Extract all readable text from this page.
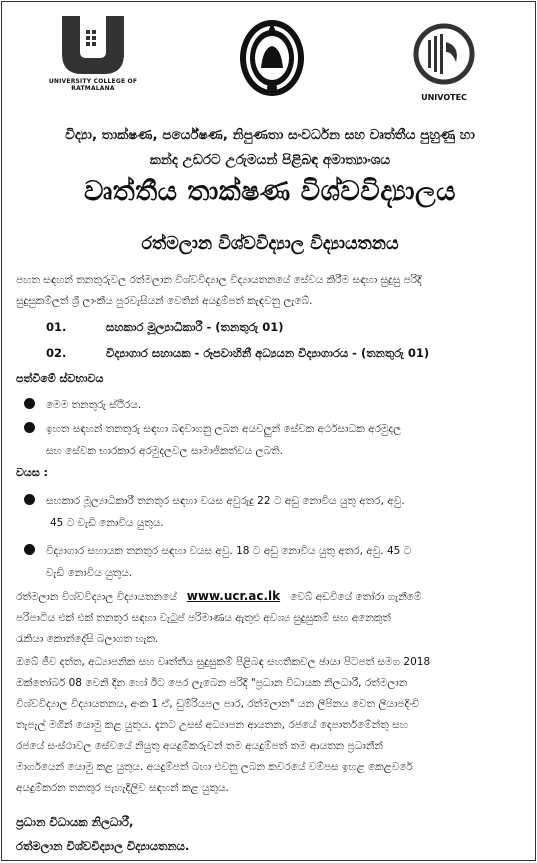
UNIVERSITY COLLEGE OF
RATMALANA
UNIVOTEC
විද්‍යා, තාක්ෂණ, පර්යේෂණ, නිපුණතා සංවර්ධන සහ වෘත්තීය පුහුණු හා
කන්ද උඩරට උරුමයන් පිළිබඳ අමාත්‍යාංශය
වෘත්තීය තාක්ෂණ විශ්වවිද්‍යාලය
රත්මලාන විශ්වවිද්‍යාල විද්‍යායතනය
පහත සඳහන් තනතුරුවල රත්මලාන විශ්වවිද්‍යාල විද්‍යායතනයේ සේවය කිරීම සඳහා සුදුසු පරිදි
සුදුසුකම්ලත් ශ්‍රී ලාංකීය පුරවැසියන් වෙතින් අයදුම්පත් කැඳවනු ලැබේ.
01.	සහකාර මූල්‍යාධිකාරී - (තනතුරු 01)
02.	විද්‍යාගාර සහායක - රූපවාහිනී අධ්‍යයන විද්‍යාගාරය - (තනතුරු 01)
පත්වීමේ ස්වභාවය
මෙම තනතුරු ස්ථිරය.
ඉහත සඳහන් තනතුරු සඳහා බඳවාගනු ලබන අයවලුන් සේවක අර්ථසාධක අරමුදල
සහ සේවක භාරකාර අරමුදලවල සාමාජිකත්වය ලබති.
වයස :
සහකාර මූල්‍යාධිකාරී තනතුර සඳහා වයස අවුරුදු 22 ට අඩු නොවිය යුතු අතර, අවු.
45 ට වැඩි නොවිය යුතුය.
විද්‍යාගාර සහායක තනතුර සඳහා වයස අවු. 18 ට අඩු නොවිය යුතු අතර, අවු. 45 ට
වැඩි නොවිය යුතුය.
රත්මලාන විශ්වවිද්‍යාල විද්‍යායතනයේ www.ucr.ac.lk වෙබ් අඩවියේ තෝරා ගැනීමේ
පරිපාටිය එක් එක් තනතුර සඳහා වැටුප් පරිමාණය ඇතුළු අවශ්‍ය සුදුසුකම් සහ අනෙකුත්
රැකියා කොන්දේසි බලාගත හැක.
ඔබේ ජීව දත්ත, අධ්‍යාපනික සහ වෘත්තීය සුදුසුකම් පිළිබඳ සහතිකවල ඡායා පිටපත් සමග 2018
ඔක්තෝබර් 08 වෙනි දින හෝ ඊට පෙර ලැබෙන පරිදි "ප්‍රධාන විධායක නිලධාරී, රත්මලාන
විශ්වවිද්‍යාල විද්‍යායතනය, අංක 1 ඒ, ඩුම්රියපල පාර, රත්මලාන" යන ලිපිනය වෙත ලියාපදිංචි
තැපැල් මගින් යොමු කළ යුතුය. දැනට උසස් අධ්‍යාපන ආයතන, රජයේ දෙපාර්තමේන්තු සහ
රජයේ සංස්ථාවල සේවයේ නියුතු අයදුම්කරුවන් තම අයදුම්පත් තම ආයතන ප්‍රධානීන්
මාර්ගයෙන් යොමු කළ යුතුය. අයදුම්පත් බහා එවනු ලබන කවරයේ වම්පස ඉහළ කෙළවරේ
අයදුම්කරන තනතුර පැහැදිලිව සඳහන් කළ යුතුය.
ප්‍රධාන විධායක නිලධාරී,
රත්මලාන විශ්වවිද්‍යාල විද්‍යායතනය.
